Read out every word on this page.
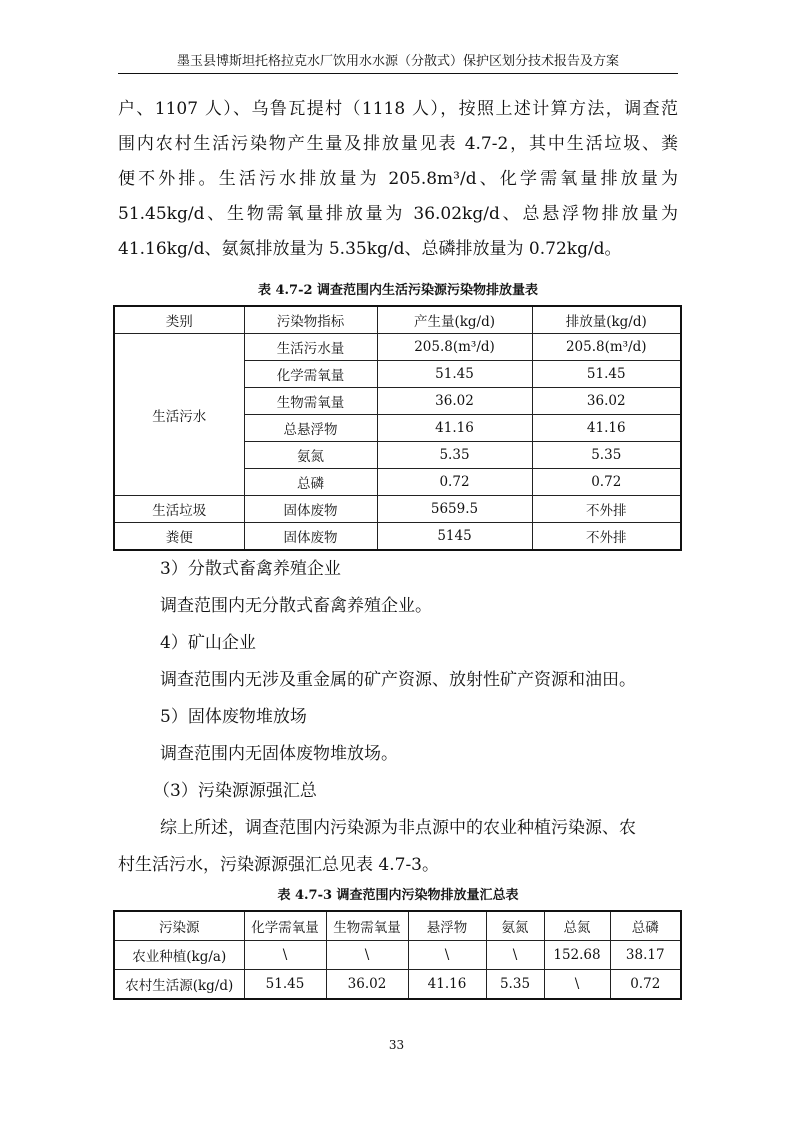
墨玉县博斯坦托格拉克水厂饮用水水源（分散式）保护区划分技术报告及方案

户、1107 人）、乌鲁瓦提村（1118 人），按照上述计算方法，调查范

围内农村生活污染物产生量及排放量见表 4.7-2，其中生活垃圾、粪

便不外排。生活污水排放量为 205.8m³/d、化学需氧量排放量为

51.45kg/d、生物需氧量排放量为 36.02kg/d、总悬浮物排放量为

41.16kg/d、氨氮排放量为 5.35kg/d、总磷排放量为 0.72kg/d。

表 4.7-2 调查范围内生活污染源污染物排放量表
类别	污染物指标	产生量(kg/d)	排放量(kg/d)
生活污水	生活污水量	205.8(m³/d)	205.8(m³/d)
	化学需氧量	51.45	51.45
	生物需氧量	36.02	36.02
	总悬浮物	41.16	41.16
	氨氮	5.35	5.35
	总磷	0.72	0.72
生活垃圾	固体废物	5659.5	不外排
粪便	固体废物	5145	不外排

3）分散式畜禽养殖企业

调查范围内无分散式畜禽养殖企业。

4）矿山企业

调查范围内无涉及重金属的矿产资源、放射性矿产资源和油田。

5）固体废物堆放场

调查范围内无固体废物堆放场。

（3）污染源源强汇总

综上所述，调查范围内污染源为非点源中的农业种植污染源、农

村生活污水，污染源源强汇总见表 4.7-3。

表 4.7-3 调查范围内污染物排放量汇总表
污染源	化学需氧量	生物需氧量	悬浮物	氨氮	总氮	总磷
农业种植(kg/a)	\	\	\	\	152.68	38.17
农村生活源(kg/d)	51.45	36.02	41.16	5.35	\	0.72
33
